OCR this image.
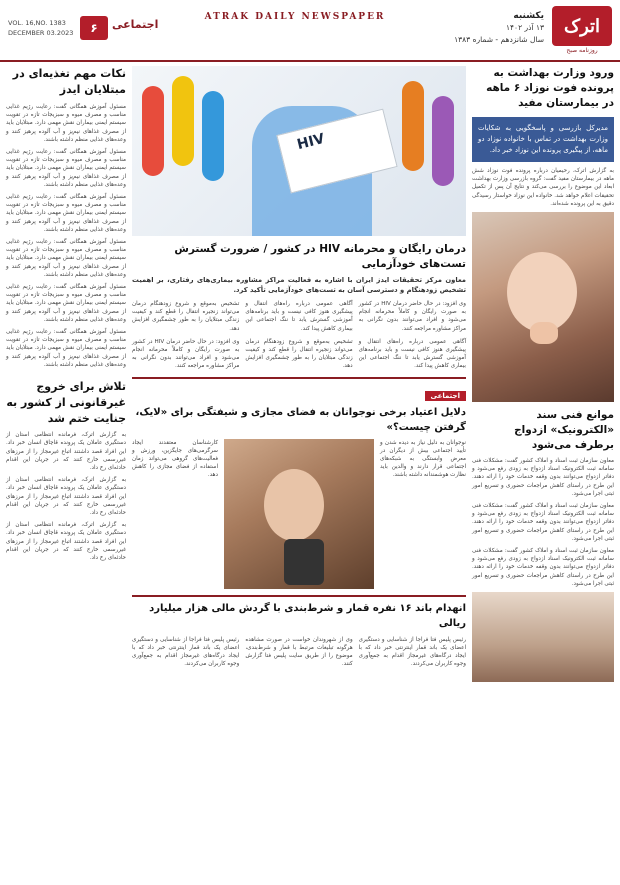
اترک
روزنامه صبح
یکشنبه
۱۳ آذر ۱۴۰۲
سال شانزدهم - شماره ۱۳۸۳
ATRAK DAILY NEWSPAPER
VOL. 16,NO. 1383
DECEMBER 03.2023	۶	اجتماعی
ورود وزارت بهداشت به پرونده فوت نوزاد ۶ ماهه در بیمارستان مفید
مدیرکل بازرسی و پاسخگویی به شکایات وزارت بهداشت در تماس با خانواده نوزاد دو ماهه، از پیگیری پرونده این نوزاد خبر داد.
به گزارش اترک، رحیمیان درباره پرونده فوت نوزاد شش ماهه در بیمارستان مفید گفت: گروه بازرسی وزارت بهداشت ابعاد این موضوع را بررسی می‌کند و نتایج آن پس از تکمیل تحقیقات اعلام خواهد شد. خانواده این نوزاد خواستار رسیدگی دقیق به این پرونده شده‌اند.
موانع فنی سند «الکترونیک» ازدواج برطرف می‌شود
معاون سازمان ثبت اسناد و املاک کشور گفت: مشکلات فنی سامانه ثبت الکترونیک اسناد ازدواج به زودی رفع می‌شود و دفاتر ازدواج می‌توانند بدون وقفه خدمات خود را ارائه دهند. این طرح در راستای کاهش مراجعات حضوری و تسریع امور ثبتی اجرا می‌شود.
معاون سازمان ثبت اسناد و املاک کشور گفت: مشکلات فنی سامانه ثبت الکترونیک اسناد ازدواج به زودی رفع می‌شود و دفاتر ازدواج می‌توانند بدون وقفه خدمات خود را ارائه دهند. این طرح در راستای کاهش مراجعات حضوری و تسریع امور ثبتی اجرا می‌شود.
معاون سازمان ثبت اسناد و املاک کشور گفت: مشکلات فنی سامانه ثبت الکترونیک اسناد ازدواج به زودی رفع می‌شود و دفاتر ازدواج می‌توانند بدون وقفه خدمات خود را ارائه دهند. این طرح در راستای کاهش مراجعات حضوری و تسریع امور ثبتی اجرا می‌شود.
نکات مهم تغذیه‌ای در مبتلایان ایدز
مسئول آموزش همگانی گفت: رعایت رژیم غذایی مناسب و مصرف میوه و سبزیجات تازه در تقویت سیستم ایمنی بیماران نقش مهمی دارد. مبتلایان باید از مصرف غذاهای نیم‌پز و آب آلوده پرهیز کنند و وعده‌های غذایی منظم داشته باشند.
مسئول آموزش همگانی گفت: رعایت رژیم غذایی مناسب و مصرف میوه و سبزیجات تازه در تقویت سیستم ایمنی بیماران نقش مهمی دارد. مبتلایان باید از مصرف غذاهای نیم‌پز و آب آلوده پرهیز کنند و وعده‌های غذایی منظم داشته باشند.
مسئول آموزش همگانی گفت: رعایت رژیم غذایی مناسب و مصرف میوه و سبزیجات تازه در تقویت سیستم ایمنی بیماران نقش مهمی دارد. مبتلایان باید از مصرف غذاهای نیم‌پز و آب آلوده پرهیز کنند و وعده‌های غذایی منظم داشته باشند.
مسئول آموزش همگانی گفت: رعایت رژیم غذایی مناسب و مصرف میوه و سبزیجات تازه در تقویت سیستم ایمنی بیماران نقش مهمی دارد. مبتلایان باید از مصرف غذاهای نیم‌پز و آب آلوده پرهیز کنند و وعده‌های غذایی منظم داشته باشند.
مسئول آموزش همگانی گفت: رعایت رژیم غذایی مناسب و مصرف میوه و سبزیجات تازه در تقویت سیستم ایمنی بیماران نقش مهمی دارد. مبتلایان باید از مصرف غذاهای نیم‌پز و آب آلوده پرهیز کنند و وعده‌های غذایی منظم داشته باشند.
مسئول آموزش همگانی گفت: رعایت رژیم غذایی مناسب و مصرف میوه و سبزیجات تازه در تقویت سیستم ایمنی بیماران نقش مهمی دارد. مبتلایان باید از مصرف غذاهای نیم‌پز و آب آلوده پرهیز کنند و وعده‌های غذایی منظم داشته باشند.
تلاش برای خروج غیرقانونی از کشور به جنایت ختم شد
به گزارش اترک، فرمانده انتظامی استان از دستگیری عاملان یک پرونده قاچاق انسان خبر داد. این افراد قصد داشتند اتباع غیرمجاز را از مرزهای غیررسمی خارج کنند که در جریان این اقدام حادثه‌ای رخ داد.
به گزارش اترک، فرمانده انتظامی استان از دستگیری عاملان یک پرونده قاچاق انسان خبر داد. این افراد قصد داشتند اتباع غیرمجاز را از مرزهای غیررسمی خارج کنند که در جریان این اقدام حادثه‌ای رخ داد.
به گزارش اترک، فرمانده انتظامی استان از دستگیری عاملان یک پرونده قاچاق انسان خبر داد. این افراد قصد داشتند اتباع غیرمجاز را از مرزهای غیررسمی خارج کنند که در جریان این اقدام حادثه‌ای رخ داد.
HIV
درمان رایگان و محرمانه HIV در کشور / ضرورت گسترش تست‌های خودآزمایی
معاون مرکز تحقیقات ایدز ایران با اشاره به فعالیت مراکز مشاوره بیماری‌های رفتاری، بر اهمیت تشخیص زودهنگام و دسترسی آسان به تست‌های خودآزمایی تأکید کرد.
وی افزود: در حال حاضر درمان HIV در کشور به صورت رایگان و کاملاً محرمانه انجام می‌شود و افراد می‌توانند بدون نگرانی به مراکز مشاوره مراجعه کنند.
آگاهی عمومی درباره راه‌های انتقال و پیشگیری هنوز کافی نیست و باید برنامه‌های آموزشی گسترش یابد تا ننگ اجتماعی این بیماری کاهش پیدا کند.
تشخیص به‌موقع و شروع زودهنگام درمان می‌تواند زنجیره انتقال را قطع کند و کیفیت زندگی مبتلایان را به طور چشمگیری افزایش دهد.
آگاهی عمومی درباره راه‌های انتقال و پیشگیری هنوز کافی نیست و باید برنامه‌های آموزشی گسترش یابد تا ننگ اجتماعی این بیماری کاهش پیدا کند.
تشخیص به‌موقع و شروع زودهنگام درمان می‌تواند زنجیره انتقال را قطع کند و کیفیت زندگی مبتلایان را به طور چشمگیری افزایش دهد.
وی افزود: در حال حاضر درمان HIV در کشور به صورت رایگان و کاملاً محرمانه انجام می‌شود و افراد می‌توانند بدون نگرانی به مراکز مشاوره مراجعه کنند.
اجتماعی
دلایل اعتیاد برخی نوجوانان به فضای مجازی و شیفتگی برای «لایک، گرفتن چیست؟»
نوجوانان به دلیل نیاز به دیده شدن و تأیید اجتماعی بیش از دیگران در معرض وابستگی به شبکه‌های اجتماعی قرار دارند و والدین باید نظارت هوشمندانه داشته باشند.
کارشناسان معتقدند ایجاد سرگرمی‌های جایگزین، ورزش و فعالیت‌های گروهی می‌تواند زمان استفاده از فضای مجازی را کاهش دهد.
انهدام باند ۱۶ نفره قمار و شرط‌بندی با گردش مالی هزار میلیارد ریالی
رئیس پلیس فتا فراجا از شناسایی و دستگیری اعضای یک باند قمار اینترنتی خبر داد که با ایجاد درگاه‌های غیرمجاز اقدام به جمع‌آوری وجوه کاربران می‌کردند.
وی از شهروندان خواست در صورت مشاهده هرگونه تبلیغات مرتبط با قمار و شرط‌بندی، موضوع را از طریق سایت پلیس فتا گزارش کنند.
رئیس پلیس فتا فراجا از شناسایی و دستگیری اعضای یک باند قمار اینترنتی خبر داد که با ایجاد درگاه‌های غیرمجاز اقدام به جمع‌آوری وجوه کاربران می‌کردند.
